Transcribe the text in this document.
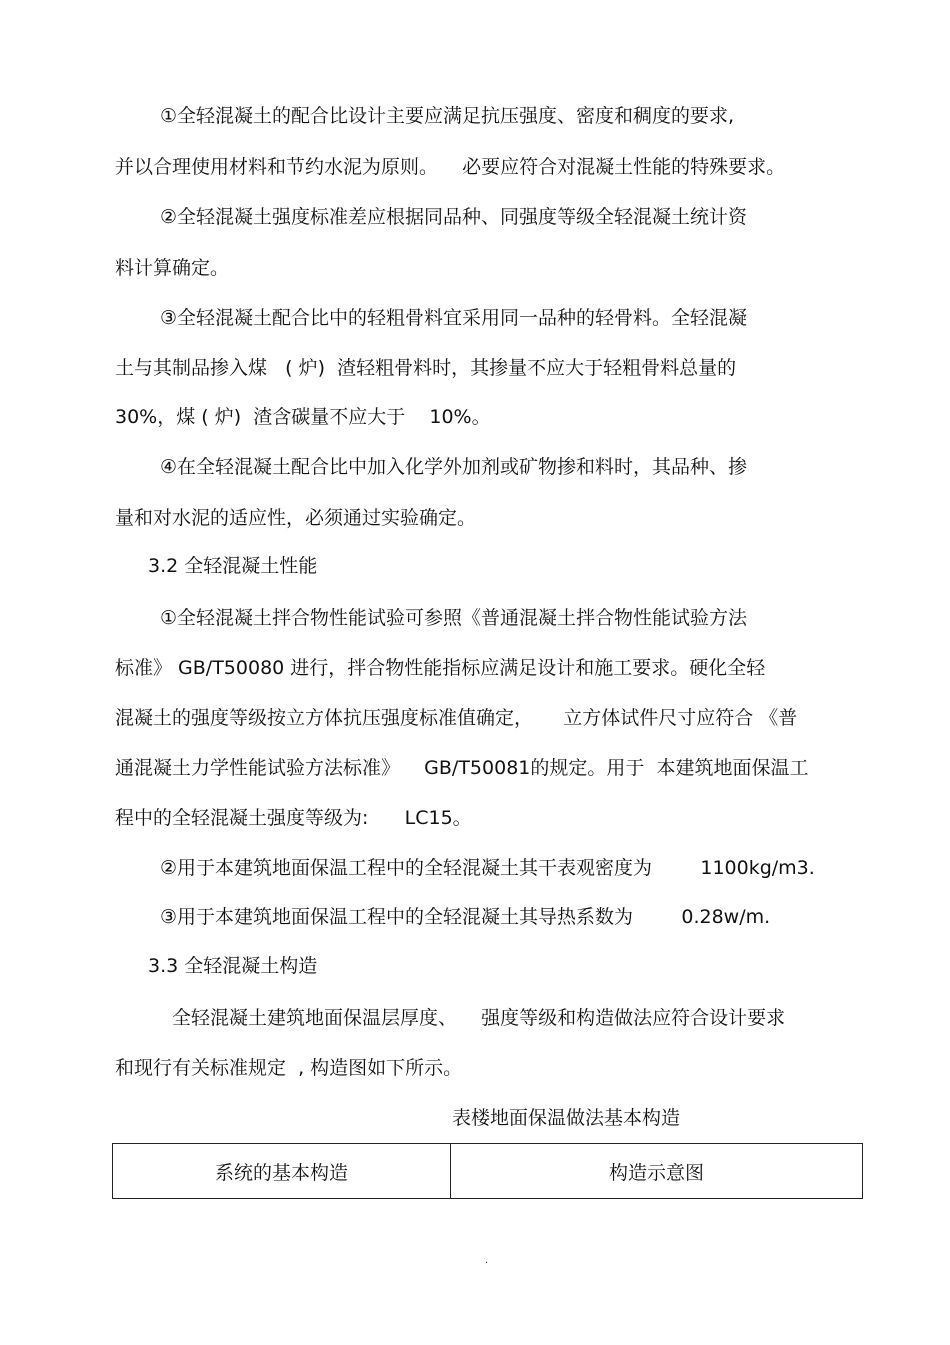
①全轻混凝土的配合比设计主要应满足抗压强度、密度和稠度的要求,
并以合理使用材料和节约水泥为原则。    必要应符合对混凝土性能的特殊要求。
②全轻混凝土强度标准差应根据同品种、同强度等级全轻混凝土统计资
料计算确定。
③全轻混凝土配合比中的轻粗骨料宜采用同一品种的轻骨料。全轻混凝
土与其制品掺入煤   ( 炉)  渣轻粗骨料时，其掺量不应大于轻粗骨料总量的
30%，煤 ( 炉)  渣含碳量不应大于    10%。
④在全轻混凝土配合比中加入化学外加剂或矿物掺和料时，其品种、掺
量和对水泥的适应性，必须通过实验确定。
3.2 全轻混凝土性能
①全轻混凝土拌合物性能试验可参照《普通混凝土拌合物性能试验方法
标准》 GB/T50080 进行，拌合物性能指标应满足设计和施工要求。硬化全轻
混凝土的强度等级按立方体抗压强度标准值确定，     立方体试件尺寸应符合 《普
通混凝土力学性能试验方法标准》    GB/T50081的规定。用于  本建筑地面保温工
程中的全轻混凝土强度等级为:      LC15。
②用于本建筑地面保温工程中的全轻混凝土其干表观密度为        1100kg/m3.
③用于本建筑地面保温工程中的全轻混凝土其导热系数为        0.28w/m.
3.3 全轻混凝土构造
全轻混凝土建筑地面保温层厚度、    强度等级和构造做法应符合设计要求
和现行有关标准规定  , 构造图如下所示。
表楼地面保温做法基本构造
系统的基本构造	构造示意图
.
